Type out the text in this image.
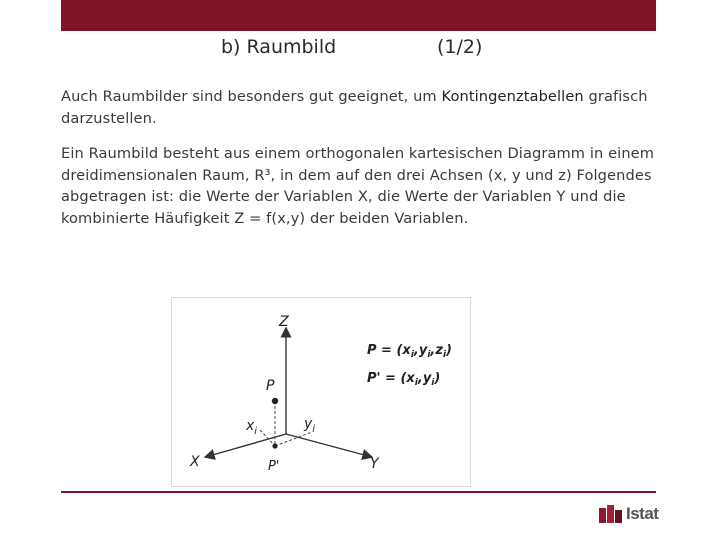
b) Raumbild	(1/2)
Auch Raumbilder sind besonders gut geeignet, um Kontingenztabellen grafisch darzustellen.
Ein Raumbild besteht aus einem orthogonalen kartesischen Diagramm in einem dreidimensionalen Raum, R³, in dem auf den drei Achsen (x, y und z) Folgendes abgetragen ist: die Werte der Variablen X, die Werte der Variablen Y und die kombinierte Häufigkeit Z = f(x,y) der beiden Variablen.
Z
X	Y
P
P'
$x_i$	$y_i$
$P = (x_i,y_i,z_i)$
$P' = (x_i,y_i)$
Istat
